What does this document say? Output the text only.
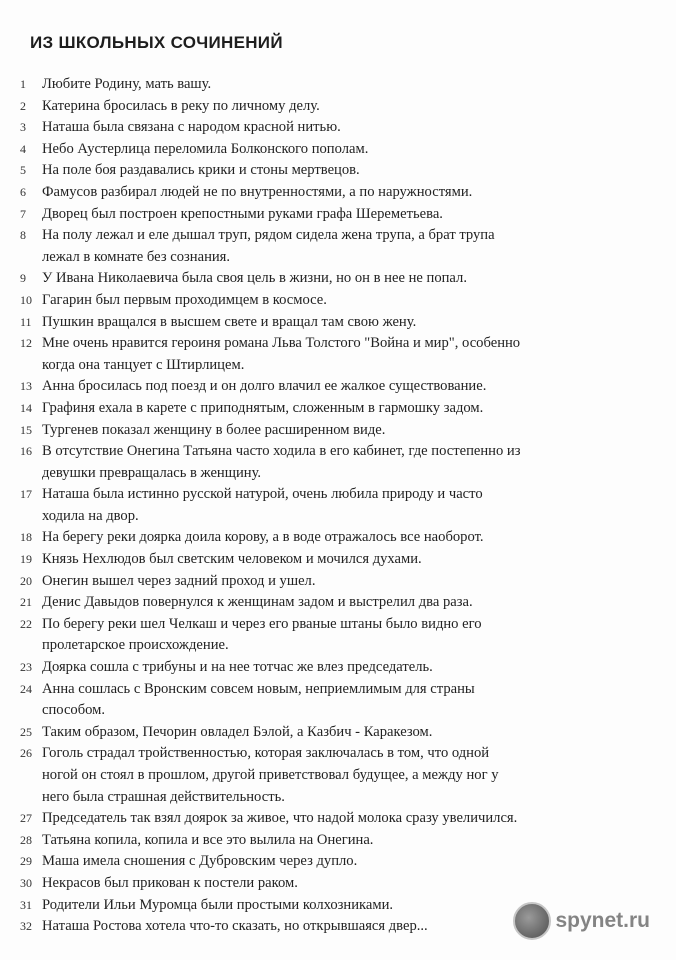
ИЗ ШКОЛЬНЫХ СОЧИНЕНИЙ
1	Любите Родину, мать вашу.
2	Катерина бросилась в реку по личному делу.
3	Наташа была связана с народом красной нитью.
4	Небо Аустерлица переломила Болконского пополам.
5	На поле боя раздавались крики и стоны мертвецов.
6	Фамусов разбирал людей не по внутренностями, а по наружностями.
7	Дворец был построен крепостными руками графа Шереметьева.
8	На полу лежал и еле дышал труп, рядом сидела жена трупа, а брат трупа
лежал в комнате без сознания.
9	У Ивана Николаевича была своя цель в жизни, но он в нее не попал.
10 Гагарин был первым проходимцем в космосе.
11 Пушкин вращался в высшем свете и вращал там свою жену.
12 Мне очень нравится героиня романа Льва Толстого "Война и мир", особенно
когда она танцует с Штирлицем.
13 Анна бросилась под поезд и он долго влачил ее жалкое существование.
14 Графиня ехала в карете с приподнятым, сложенным в гармошку задом.
15 Тургенев показал женщину в более расширенном виде.
16 В отсутствие Онегина Татьяна часто ходила в его кабинет, где постепенно из
девушки превращалась в женщину.
17 Наташа была истинно русской натурой, очень любила природу и часто
ходила на двор.
18 На берегу реки доярка доила корову, а в воде отражалось все наоборот.
19 Князь Нехлюдов был светским человеком и мочился духами.
20 Онегин вышел через задний проход и ушел.
21 Денис Давыдов повернулся к женщинам задом и выстрелил два раза.
22 По берегу реки шел Челкаш и через его рваные штаны было видно его
пролетарское происхождение.
23 Доярка сошла с трибуны и на нее тотчас же влез председатель.
24 Анна сошлась с Вронским совсем новым, неприемлимым для страны
способом.
25 Таким образом, Печорин овладел Бэлой, а Казбич - Каракезом.
26 Гоголь страдал тройственностью, которая заключалась в том, что одной
ногой он стоял в прошлом, другой приветствовал будущее, а между ног у
него была страшная действительность.
27 Председатель так взял доярок за живое, что надой молока сразу увеличился.
28 Татьяна копила, копила и все это вылила на Онегина.
29 Маша имела сношения с Дубровским через дупло.
30 Некрасов был прикован к постели раком.
31 Родители Ильи Муромца были простыми колхозниками.
32 Наташа Ростова хотела что-то сказать, но открывшаяся двер...	spynet.ru
